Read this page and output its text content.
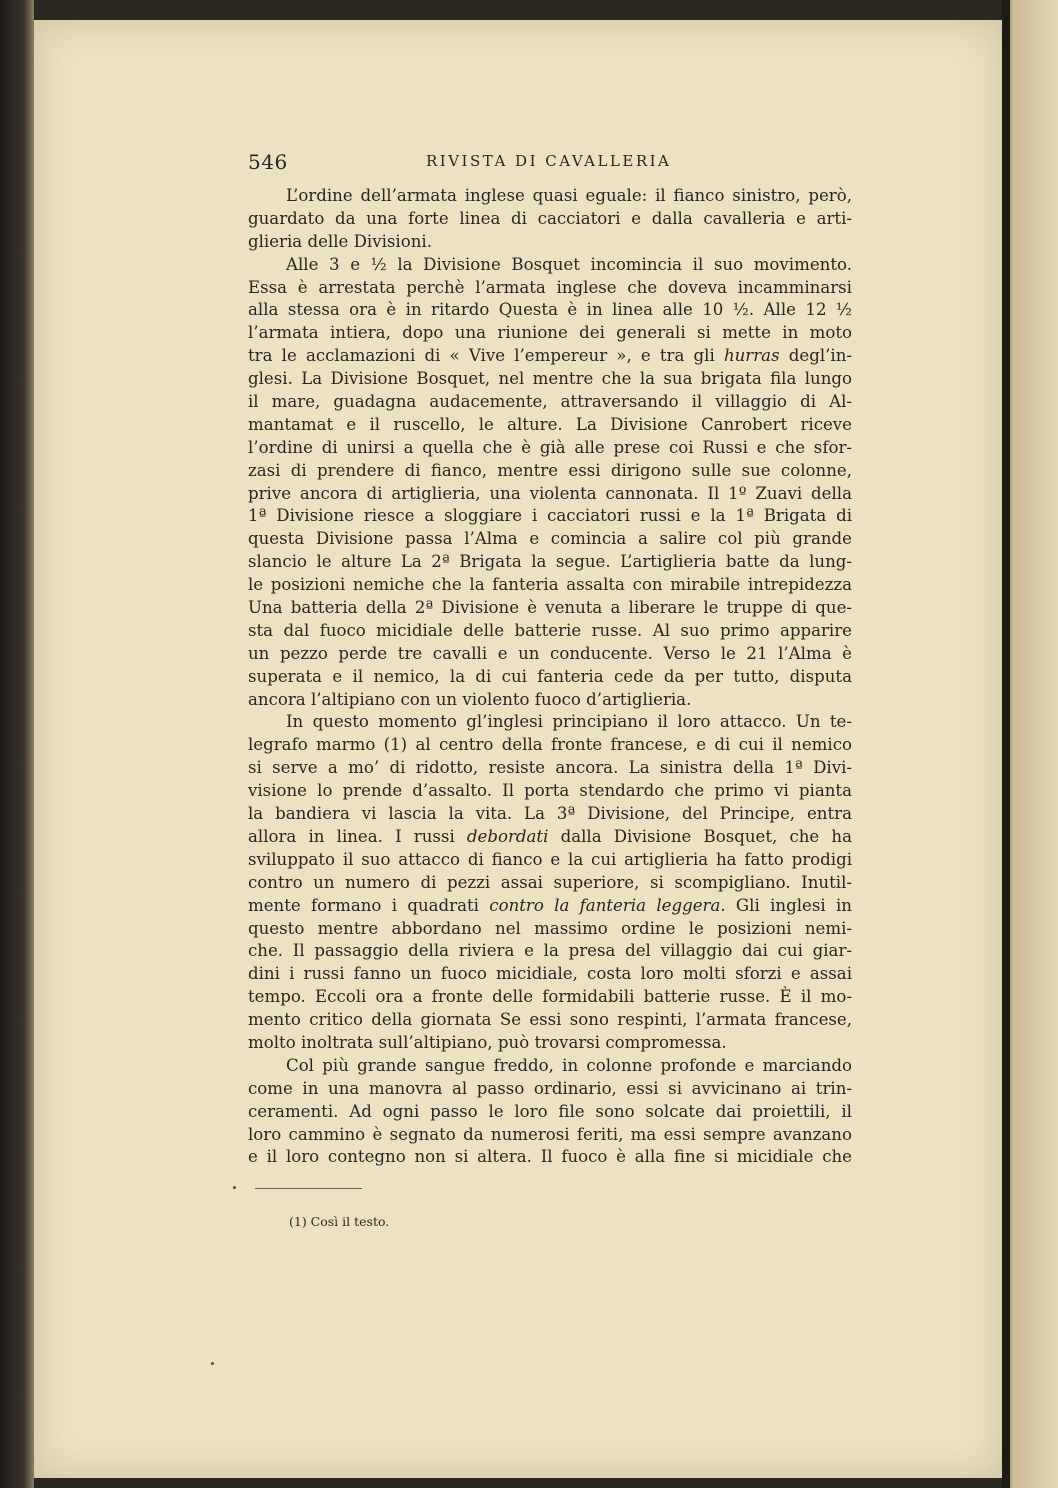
546	RIVISTA DI CAVALLERIA
L’ordine dell’armata inglese quasi eguale: il fianco sinistro, però,
guardato da una forte linea di cacciatori e dalla cavalleria e arti-
glieria delle Divisioni.
Alle 3 e ½ la Divisione Bosquet incomincia il suo movimento.
Essa è arrestata perchè l’armata inglese che doveva incamminarsi
alla stessa ora è in ritardo Questa è in linea alle 10 ½. Alle 12 ½
l’armata intiera, dopo una riunione dei generali si mette in moto
tra le acclamazioni di « Vive l’empereur », e tra gli hurras degl’in-
glesi. La Divisione Bosquet, nel mentre che la sua brigata fila lungo
il mare, guadagna audacemente, attraversando il villaggio di Al-
mantamat e il ruscello, le alture. La Divisione Canrobert riceve
l’ordine di unirsi a quella che è già alle prese coi Russi e che sfor-
zasi di prendere di fianco, mentre essi dirigono sulle sue colonne,
prive ancora di artiglieria, una violenta cannonata. Il 1º Zuavi della
1ª Divisione riesce a sloggiare i cacciatori russi e la 1ª Brigata di
questa Divisione passa l’Alma e comincia a salire col più grande
slancio le alture La 2ª Brigata la segue. L’artiglieria batte da lung-
le posizioni nemiche che la fanteria assalta con mirabile intrepidezza
Una batteria della 2ª Divisione è venuta a liberare le truppe di que-
sta dal fuoco micidiale delle batterie russe. Al suo primo apparire
un pezzo perde tre cavalli e un conducente. Verso le 21 l’Alma è
superata e il nemico, la di cui fanteria cede da per tutto, disputa
ancora l’altipiano con un violento fuoco d’artiglieria.
In questo momento gl’inglesi principiano il loro attacco. Un te-
legrafo marmo (1) al centro della fronte francese, e di cui il nemico
si serve a mo’ di ridotto, resiste ancora. La sinistra della 1ª Divi-
visione lo prende d’assalto. Il porta stendardo che primo vi pianta
la bandiera vi lascia la vita. La 3ª Divisione, del Principe, entra
allora in linea. I russi debordati dalla Divisione Bosquet, che ha
sviluppato il suo attacco di fianco e la cui artiglieria ha fatto prodigi
contro un numero di pezzi assai superiore, si scompigliano. Inutil-
mente formano i quadrati contro la fanteria leggera. Gli inglesi in
questo mentre abbordano nel massimo ordine le posizioni nemi-
che. Il passaggio della riviera e la presa del villaggio dai cui giar-
dini i russi fanno un fuoco micidiale, costa loro molti sforzi e assai
tempo. Eccoli ora a fronte delle formidabili batterie russe. È il mo-
mento critico della giornata Se essi sono respinti, l’armata francese,
molto inoltrata sull’altipiano, può trovarsi compromessa.
Col più grande sangue freddo, in colonne profonde e marciando
come in una manovra al passo ordinario, essi si avvicinano ai trin-
ceramenti. Ad ogni passo le loro file sono solcate dai proiettili, il
loro cammino è segnato da numerosi feriti, ma essi sempre avanzano
e il loro contegno non si altera. Il fuoco è alla fine si micidiale che
(1) Così il testo.
